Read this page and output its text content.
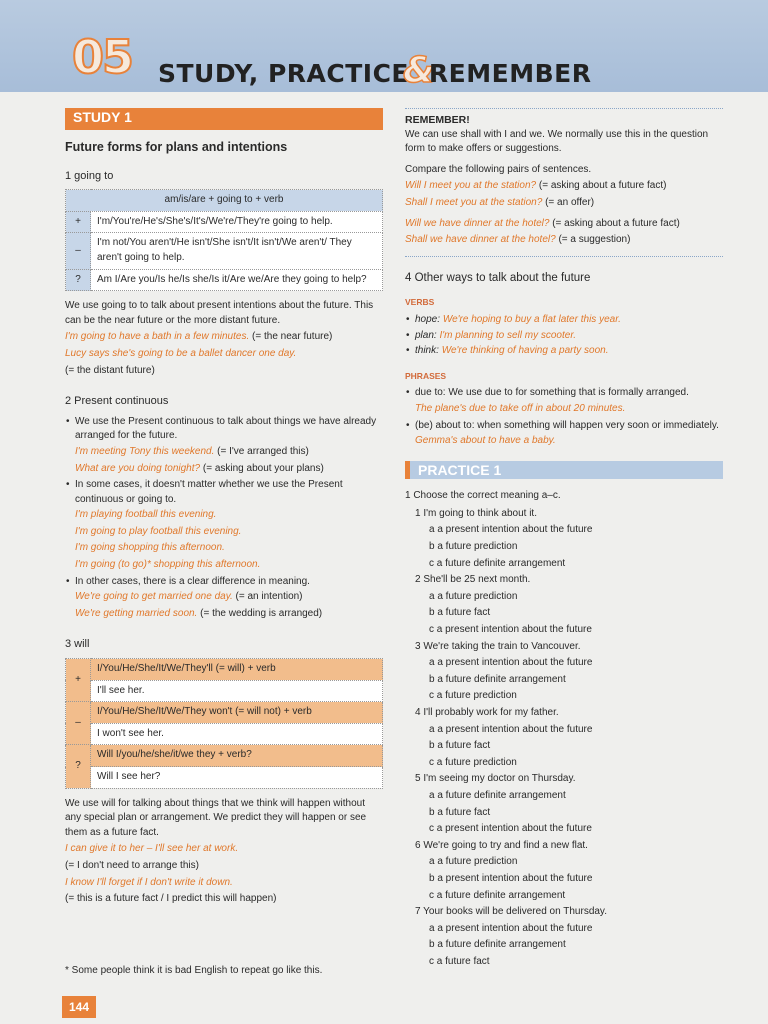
05 STUDY, PRACTICE&REMEMBER
STUDY 1
Future forms for plans and intentions
1 going to
am/is/are + going to + verb	
+	I'm/You're/He's/She's/It's/We're/They're going to help.
–	I'm not/You aren't/He isn't/She isn't/It isn't/We aren't/ They aren't going to help.
?	Am I/Are you/Is he/Is she/Is it/Are we/Are they going to help?

We use going to to talk about present intentions about the future. This can be the near future or the more distant future.

I'm going to have a bath in a few minutes. (= the near future)

Lucy says she's going to be a ballet dancer one day.

(= the distant future)

2 Present continuous
• We use the Present continuous to talk about things we have already arranged for the future.

I'm meeting Tony this weekend. (= I've arranged this)

What are you doing tonight? (= asking about your plans)

• In some cases, it doesn't matter whether we use the Present continuous or going to.

I'm playing football this evening.

I'm going to play football this evening.

I'm going shopping this afternoon.

I'm going (to go)* shopping this afternoon.

• In other cases, there is a clear difference in meaning.

We're going to get married one day. (= an intention)

We're getting married soon. (= the wedding is arranged)

3 will
+	I/You/He/She/It/We/They'll (= will) + verb
	I'll see her.
–	I/You/He/She/It/We/They won't (= will not) + verb
	I won't see her.
?	Will I/you/he/she/it/we they + verb?
	Will I see her?

We use will for talking about things that we think will happen without any special plan or arrangement. We predict they will happen or see them as a future fact.

I can give it to her – I'll see her at work.

(= I don't need to arrange this)

I know I'll forget if I don't write it down.

(= this is a future fact / I predict this will happen)

REMEMBER!

We can use shall with I and we. We normally use this in the question form to make offers or suggestions.

Compare the following pairs of sentences.

Will I meet you at the station? (= asking about a future fact)

Shall I meet you at the station? (= an offer)

Will we have dinner at the hotel? (= asking about a future fact)

Shall we have dinner at the hotel? (= a suggestion)

4 Other ways to talk about the future
VERBS
• hope: We're hoping to buy a flat later this year.
• plan: I'm planning to sell my scooter.
• think: We're thinking of having a party soon.
PHRASES
• due to: We use due to for something that is formally arranged.

The plane's due to take off in about 20 minutes.

• (be) about to: when something will happen very soon or immediately.

Gemma's about to have a baby.

PRACTICE 1

1 Choose the correct meaning a–c.

1 I'm going to think about it.

a a present intention about the future

b a future prediction

c a future definite arrangement

2 She'll be 25 next month.

a a future prediction

b a future fact

c a present intention about the future

3 We're taking the train to Vancouver.

a a present intention about the future

b a future definite arrangement

c a future prediction

4 I'll probably work for my father.

a a present intention about the future

b a future fact

c a future prediction

5 I'm seeing my doctor on Thursday.

a a future definite arrangement

b a future fact

c a present intention about the future

6 We're going to try and find a new flat.

a a future prediction

b a present intention about the future

c a future definite arrangement

7 Your books will be delivered on Thursday.

a a present intention about the future

b a future definite arrangement

c a future fact

* Some people think it is bad English to repeat go like this.
144
